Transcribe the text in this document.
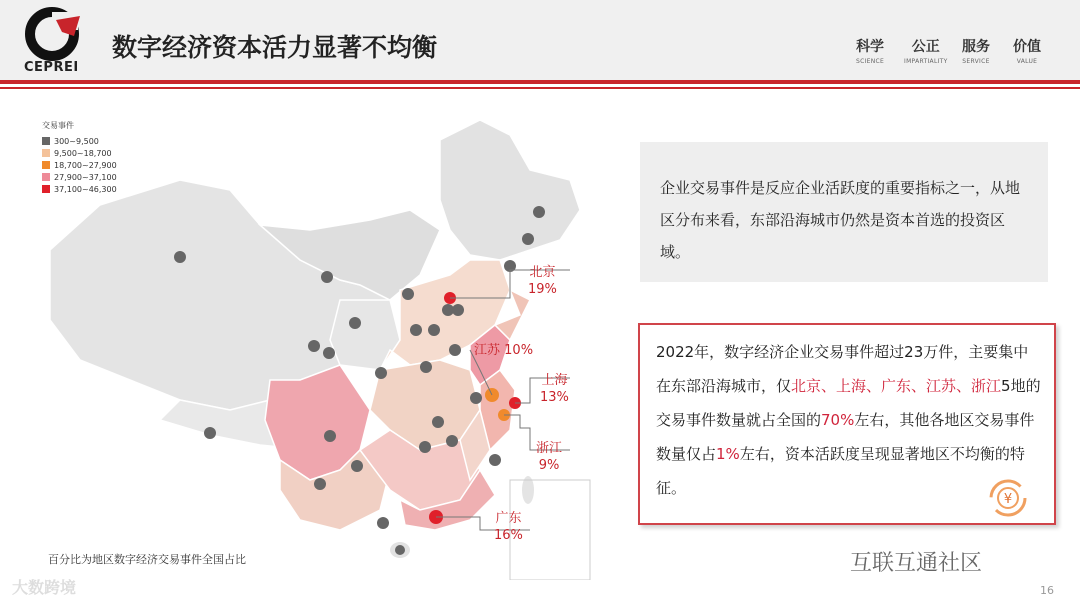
CEPREI
数字经济资本活力显著不均衡	科学
SCIENCE
公正
IMPARTIALITY
服务
SERVICE
价值
VALUE
交易事件
300~9,500
9,500~18,700
18,700~27,900
27,900~37,100
37,100~46,300
北京
19%
江苏 10%
上海
13%
浙江
9%
广东
16%
百分比为地区数字经济交易事件全国占比
企业交易事件是反应企业活跃度的重要指标之一，从地区分布来看，东部沿海城市仍然是资本首选的投资区域。
2022年，数字经济企业交易事件超过23万件，主要集中在东部沿海城市，仅北京、上海、广东、江苏、浙江5地的交易事件数量就占全国的70%左右，其他各地区交易事件数量仅占1%左右，资本活跃度呈现显著地区不均衡的特征。
¥
大数跨境
互联互通社区
16
